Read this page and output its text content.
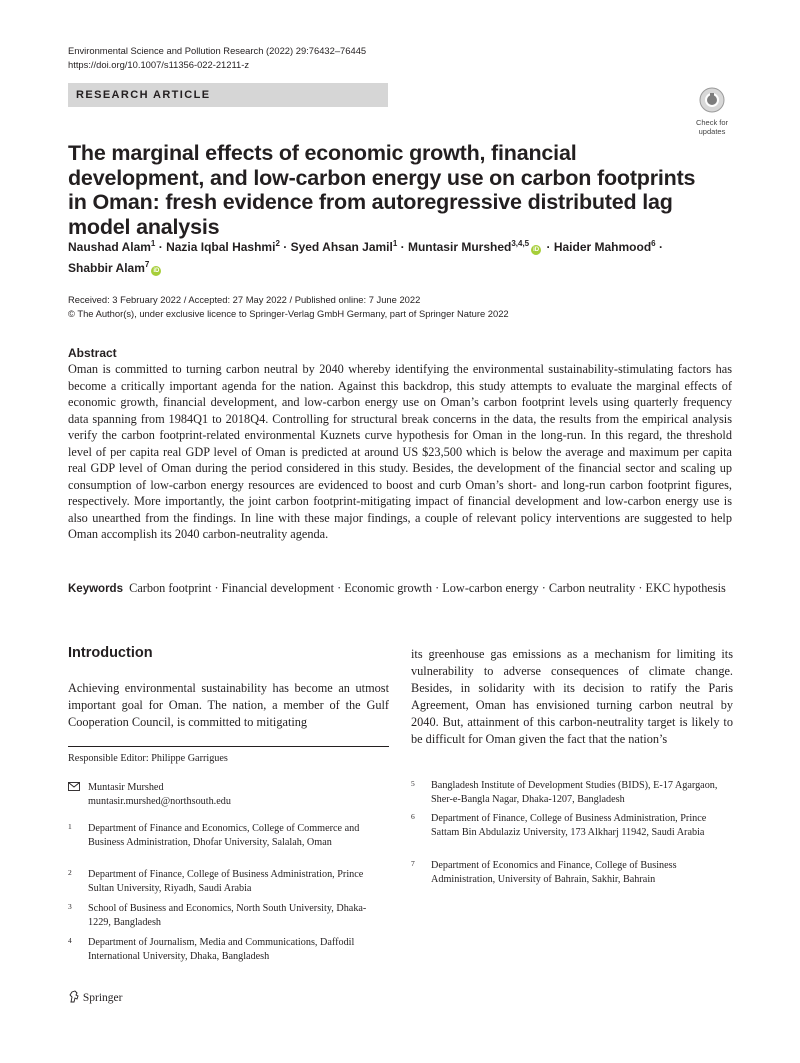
Environmental Science and Pollution Research (2022) 29:76432–76445
https://doi.org/10.1007/s11356-022-21211-z
RESEARCH ARTICLE
Check for
updates
The marginal effects of economic growth, financial development, and low-carbon energy use on carbon footprints in Oman: fresh evidence from autoregressive distributed lag model analysis
Naushad Alam$^1$ · Nazia Iqbal Hashmi$^2$ · Syed Ahsan Jamil$^1$ · Muntasir Murshed$^{3,4,5}$iD · Haider Mahmood$^6$ ·
Shabbir Alam$^7$iD
Received: 3 February 2022 / Accepted: 27 May 2022 / Published online: 7 June 2022
© The Author(s), under exclusive licence to Springer-Verlag GmbH Germany, part of Springer Nature 2022
Abstract
Oman is committed to turning carbon neutral by 2040 whereby identifying the environmental sustainability-stimulating factors has become a critically important agenda for the nation. Against this backdrop, this study attempts to evaluate the marginal effects of economic growth, financial development, and low-carbon energy use on Oman’s carbon footprint levels using quarterly frequency data spanning from 1984Q1 to 2018Q4. Controlling for structural break concerns in the data, the results from the empirical analysis verify the carbon footprint-related environmental Kuznets curve hypothesis for Oman in the long-run. In this regard, the threshold level of per capita real GDP level of Oman is predicted at around US $23,500 which is below the average and maximum per capita real GDP level of Oman during the period considered in this study. Besides, the development of the financial sector and scaling up consumption of low-carbon energy resources are evidenced to boost and curb Oman’s short- and long-run carbon footprint figures, respectively. More importantly, the joint carbon footprint-mitigating impact of financial development and low-carbon energy use is also unearthed from the findings. In line with these major findings, a couple of relevant policy interventions are suggested to help Oman accomplish its 2040 carbon-neutrality agenda.
Keywords Carbon footprint · Financial development · Economic growth · Low-carbon energy · Carbon neutrality · EKC hypothesis
Introduction
Achieving environmental sustainability has become an utmost important goal for Oman. The nation, a member of the Gulf Cooperation Council, is committed to mitigating
its greenhouse gas emissions as a mechanism for limiting its vulnerability to adverse consequences of climate change. Besides, in solidarity with its decision to ratify the Paris Agreement, Oman has envisioned turning carbon neutral by 2040. But, attainment of this carbon-neutrality target is likely to be difficult for Oman given the fact that the nation’s
Responsible Editor: Philippe Garrigues
Muntasir Murshed
muntasir.murshed@northsouth.edu
1 Department of Finance and Economics, College of Commerce and Business Administration, Dhofar University, Salalah, Oman
2 Department of Finance, College of Business Administration, Prince Sultan University, Riyadh, Saudi Arabia
3 School of Business and Economics, North South University, Dhaka-1229, Bangladesh
4 Department of Journalism, Media and Communications, Daffodil International University, Dhaka, Bangladesh
5 Bangladesh Institute of Development Studies (BIDS), E-17 Agargaon, Sher-e-Bangla Nagar, Dhaka-1207, Bangladesh
6 Department of Finance, College of Business Administration, Prince Sattam Bin Abdulaziz University, 173 Alkharj 11942, Saudi Arabia
7 Department of Economics and Finance, College of Business Administration, University of Bahrain, Sakhir, Bahrain
Springer
